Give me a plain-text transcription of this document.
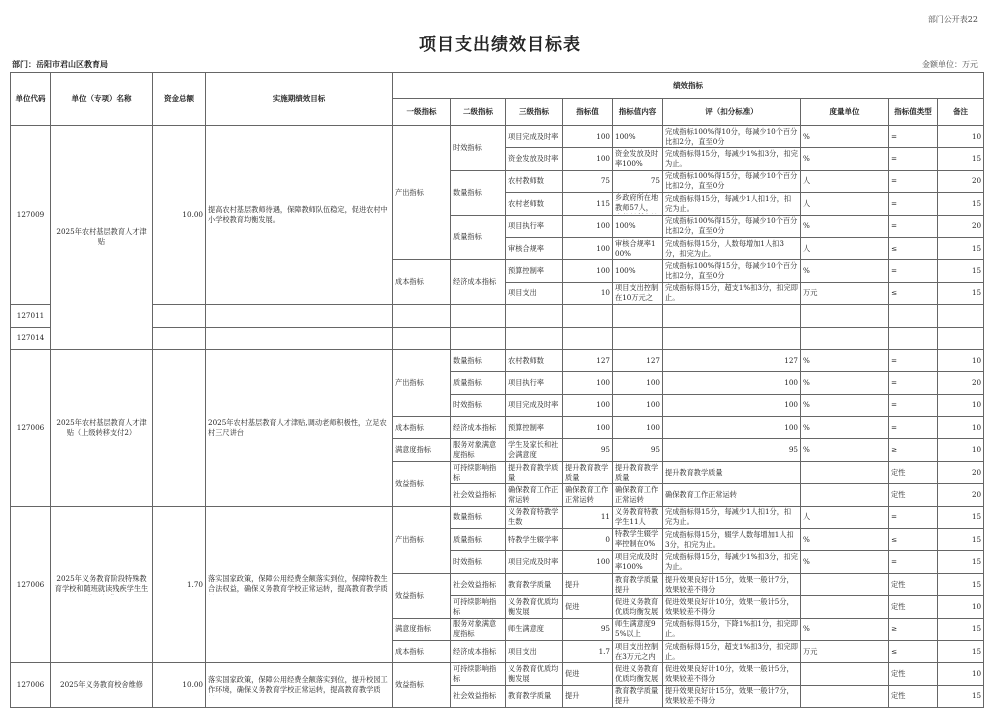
部门公开表22
项目支出绩效目标表
部门：岳阳市君山区教育局	金额单位：万元
单位代码	单位（专项）名称	资金总额	实施期绩效目标	绩效指标								
				一级指标	二级指标	三级指标	指标值	指标值内容	评（扣分标准）	度量单位	指标值类型	备注

127009	2025年农村基层教育人才津贴	10.00	提高农村基层教师待遇，保障教师队伍稳定，促进农村中小学校教育均衡发展。	产出指标	时效指标	项目完成及时率	100	100%	完成指标100%得10分，每减少10个百分比扣2分，直至0分	%	=	10

						资金发放及时率	100	资金发放及时率100%	完成指标得15分，每减少1%扣3分，扣完为止。	%	=	15

					数量指标	农村教师数	75	75	完成指标100%得15分，每减少10个百分比扣2分，直至0分	人	=	20

						农村老师数	115	乡政府所在地教师57人，	完成指标得15分，每减少1人扣1分，扣完为止。	人	=	15

					质量指标	项目执行率	100	100%	完成指标100%得15分，每减少10个百分比扣2分，直至0分	%	=	20

						审核合规率	100	审核合规率100%	完成指标得15分，人数每增加1人扣3分，扣完为止。	人	≤	15

				成本指标	经济成本指标	预算控制率	100	100%	完成指标100%得15分，每减少10个百分比扣2分，直至0分	%	=	15

						项目支出	10	项目支出控制在10万元之	完成指标得15分，超支1%扣3分，扣完即止。	万元	≤	15

127011												

127014												

127006	2025年农村基层教育人才津贴（上级转移支付2）		2025年农村基层教育人才津贴,调动老师积极性，立足农村三尺讲台	产出指标	数量指标	农村教师数	127	127	127	%	=	10

					质量指标	项目执行率	100	100	100	%	=	20

					时效指标	项目完成及时率	100	100	100	%	=	10

				成本指标	经济成本指标	预算控制率	100	100	100	%	=	10

				满意度指标	服务对象满意度指标	学生及家长和社会满意度	95	95	95	%	≥	10

				效益指标	可持续影响指标	提升教育教学质量	提升教育教学质量	提升教育教学质量	提升教育教学质量		定性	20

					社会效益指标	确保教育工作正常运转	确保教育工作正常运转	确保教育工作正常运转	确保教育工作正常运转		定性	20

127006	2025年义务教育阶段特殊教育学校和随班就读残疾学生生	1.70	落实国家政策，保障公用经费全额落实到位，保障特教生合法权益，确保义务教育学校正常运转，提高教育教学质	产出指标	数量指标	义务教育特教学生数	11	义务教育特教学生11人	完成指标得15分，每减少1人扣1分，扣完为止。	人	=	15

					质量指标	特教学生辍学率	0	特教学生辍学率控制在0%	完成指标得15分，辍学人数每增加1人扣3分，扣完为止。	%	≤	15

					时效指标	项目完成及时率	100	项目完成及时率100%	完成指标得15分，每减少1%扣3分，扣完为止。	%	=	15

				效益指标	社会效益指标	教育教学质量	提升	教育教学质量提升	提升效果良好计15分，效果一般计7分，效果较差不得分		定性	15

					可持续影响指标	义务教育优质均衡发展	促进	促进义务教育优质均衡发展	促进效果良好计10分，效果一般计5分，效果较差不得分		定性	10

				满意度指标	服务对象满意度指标	师生满意度	95	师生满意度95%以上	完成指标得15分，下降1%扣1分，扣完即止。	%	≥	15

				成本指标	经济成本指标	项目支出	1.7	项目支出控制在3万元之内	完成指标得15分，超支1%扣3分，扣完即止。	万元	≤	15

127006	2025年义务教育校舍维修	10.00	落实国家政策，保障公用经费全额落实到位，提升校园工作环境，确保义务教育学校正常运转，提高教育教学质	效益指标	可持续影响指标	义务教育优质均衡发展	促进	促进义务教育优质均衡发展	促进效果良好计10分，效果一般计5分，效果较差不得分		定性	10

					社会效益指标	教育教学质量	提升	教育教学质量提升	提升效果良好计15分，效果一般计7分，效果较差不得分		定性	15
